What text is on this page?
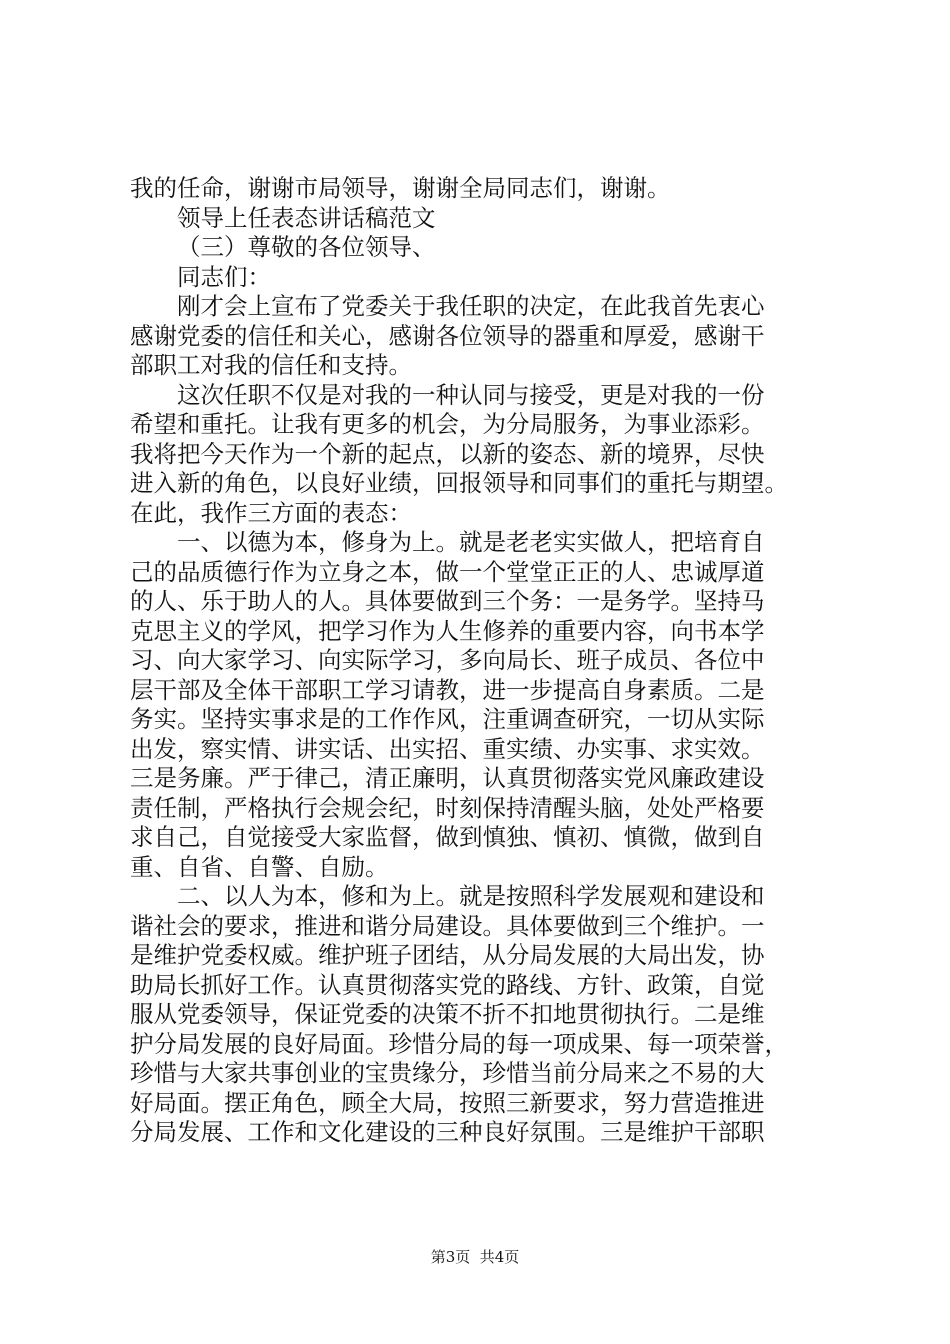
我的任命，谢谢市局领导，谢谢全局同志们，谢谢。
领导上任表态讲话稿范文
（三）尊敬的各位领导、
同志们：
刚才会上宣布了党委关于我任职的决定，在此我首先衷心
感谢党委的信任和关心，感谢各位领导的器重和厚爱，感谢干
部职工对我的信任和支持。
这次任职不仅是对我的一种认同与接受，更是对我的一份
希望和重托。让我有更多的机会，为分局服务，为事业添彩。
我将把今天作为一个新的起点，以新的姿态、新的境界，尽快
进入新的角色，以良好业绩，回报领导和同事们的重托与期望。
在此，我作三方面的表态：
一、以德为本，修身为上。就是老老实实做人，把培育自
己的品质德行作为立身之本，做一个堂堂正正的人、忠诚厚道
的人、乐于助人的人。具体要做到三个务：一是务学。坚持马
克思主义的学风，把学习作为人生修养的重要内容，向书本学
习、向大家学习、向实际学习，多向局长、班子成员、各位中
层干部及全体干部职工学习请教，进一步提高自身素质。二是
务实。坚持实事求是的工作作风，注重调查研究，一切从实际
出发，察实情、讲实话、出实招、重实绩、办实事、求实效。
三是务廉。严于律己，清正廉明，认真贯彻落实党风廉政建设
责任制，严格执行会规会纪，时刻保持清醒头脑，处处严格要
求自己，自觉接受大家监督，做到慎独、慎初、慎微，做到自
重、自省、自警、自励。
二、以人为本，修和为上。就是按照科学发展观和建设和
谐社会的要求，推进和谐分局建设。具体要做到三个维护。一
是维护党委权威。维护班子团结，从分局发展的大局出发，协
助局长抓好工作。认真贯彻落实党的路线、方针、政策，自觉
服从党委领导，保证党委的决策不折不扣地贯彻执行。二是维
护分局发展的良好局面。珍惜分局的每一项成果、每一项荣誉，
珍惜与大家共事创业的宝贵缘分，珍惜当前分局来之不易的大
好局面。摆正角色，顾全大局，按照三新要求，努力营造推进
分局发展、工作和文化建设的三种良好氛围。三是维护干部职
第3页  共4页
